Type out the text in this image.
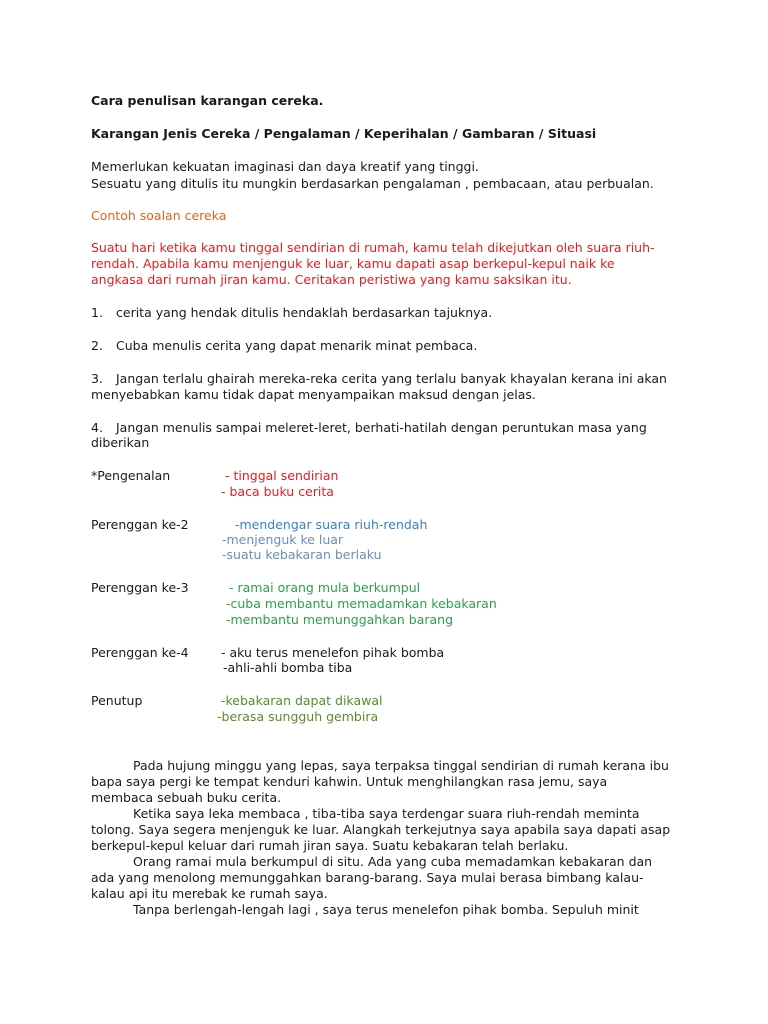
Cara penulisan karangan cereka.
Karangan Jenis Cereka / Pengalaman / Keperihalan / Gambaran / Situasi
Memerlukan kekuatan imaginasi dan daya kreatif yang tinggi.
Sesuatu yang ditulis itu mungkin berdasarkan pengalaman , pembacaan, atau perbualan.
Contoh soalan cereka
Suatu hari ketika kamu tinggal sendirian di rumah, kamu telah dikejutkan oleh suara riuh-
rendah. Apabila kamu menjenguk ke luar, kamu dapati asap berkepul-kepul naik ke
angkasa dari rumah jiran kamu. Ceritakan peristiwa yang kamu saksikan itu.
1. cerita yang hendak ditulis hendaklah berdasarkan tajuknya.
2. Cuba menulis cerita yang dapat menarik minat pembaca.
3. Jangan terlalu ghairah mereka-reka cerita yang terlalu banyak khayalan kerana ini akan
menyebabkan kamu tidak dapat menyampaikan maksud dengan jelas.
4. Jangan menulis sampai meleret-leret, berhati-hatilah dengan peruntukan masa yang
diberikan
*Pengenalan	- tinggal sendirian
- baca buku cerita
Perenggan ke-2	-mendengar suara riuh-rendah
-menjenguk ke luar
-suatu kebakaran berlaku
Perenggan ke-3	- ramai orang mula berkumpul
-cuba membantu memadamkan kebakaran
-membantu memunggahkan barang
Perenggan ke-4	- aku terus menelefon pihak bomba
-ahli-ahli bomba tiba
Penutup	-kebakaran dapat dikawal
-berasa sungguh gembira
Pada hujung minggu yang lepas, saya terpaksa tinggal sendirian di rumah kerana ibu
bapa saya pergi ke tempat kenduri kahwin. Untuk menghilangkan rasa jemu, saya
membaca sebuah buku cerita.
Ketika saya leka membaca , tiba-tiba saya terdengar suara riuh-rendah meminta
tolong. Saya segera menjenguk ke luar. Alangkah terkejutnya saya apabila saya dapati asap
berkepul-kepul keluar dari rumah jiran saya. Suatu kebakaran telah berlaku.
Orang ramai mula berkumpul di situ. Ada yang cuba memadamkan kebakaran dan
ada yang menolong memunggahkan barang-barang. Saya mulai berasa bimbang kalau-
kalau api itu merebak ke rumah saya.
Tanpa berlengah-lengah lagi , saya terus menelefon pihak bomba. Sepuluh minit
